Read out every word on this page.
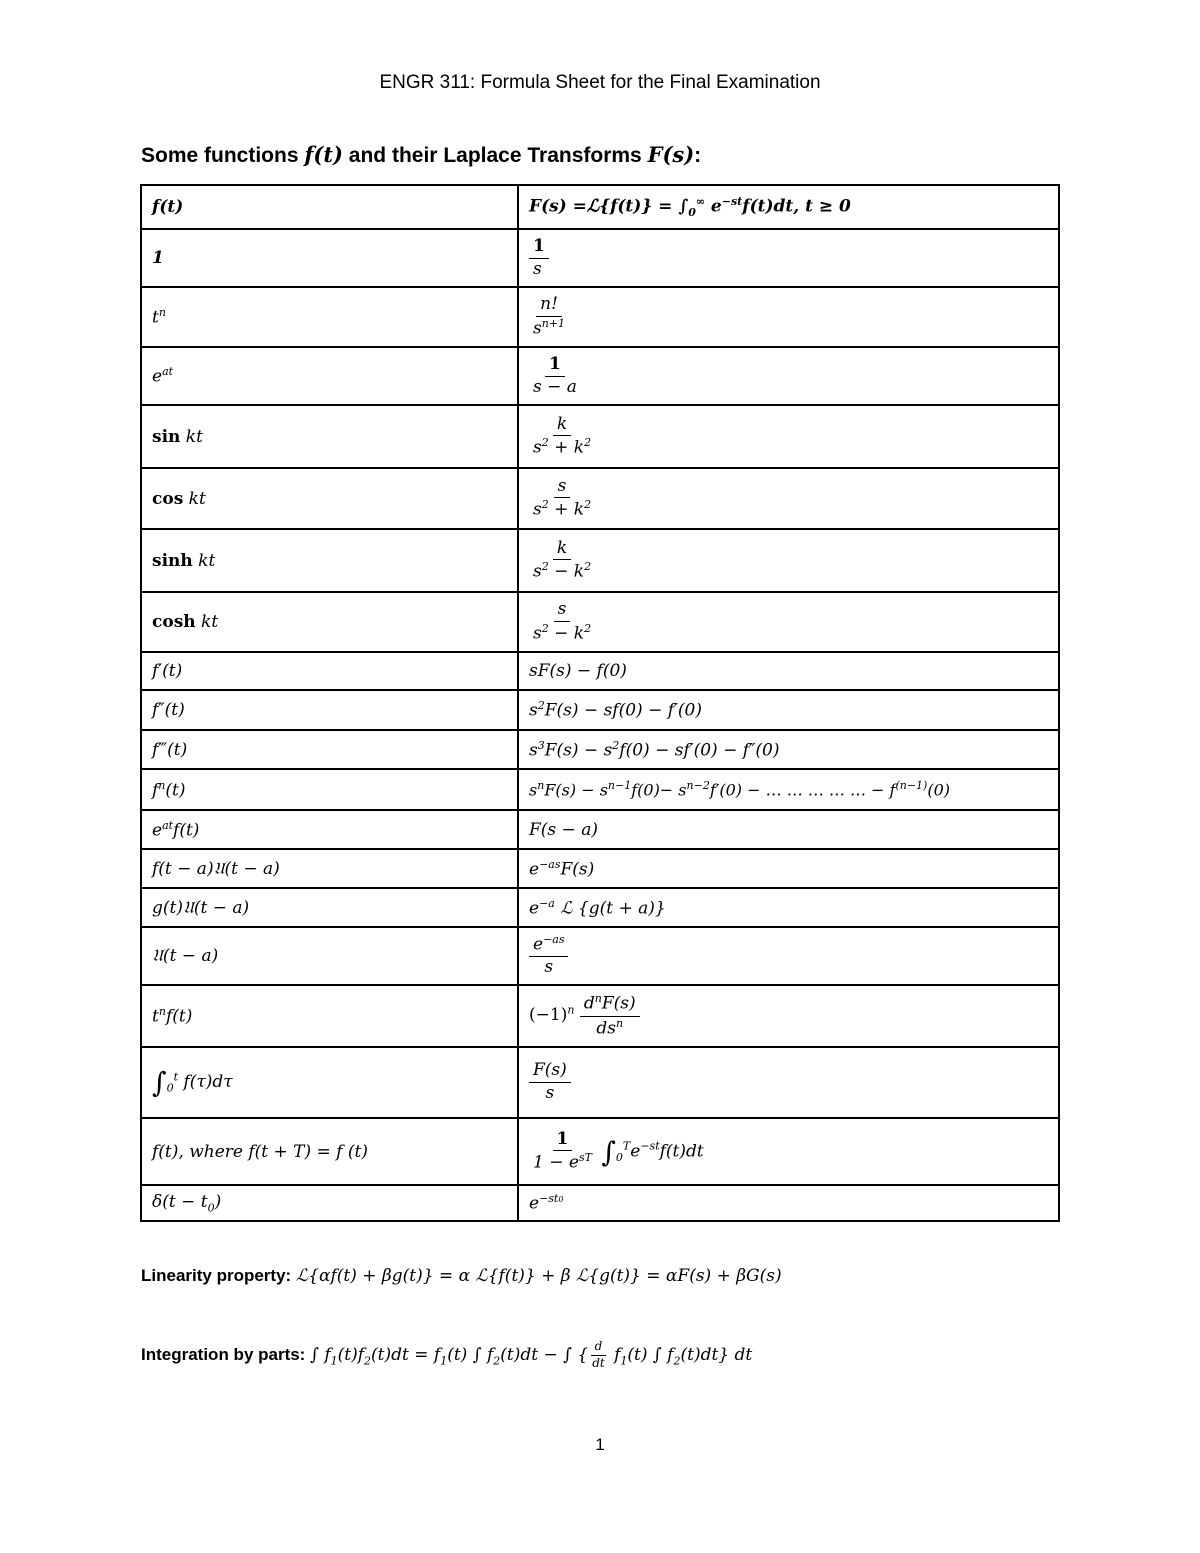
ENGR 311: Formula Sheet for the Final Examination
Some functions f(t) and their Laplace Transforms F(s):
f(t)	F(s) =ℒ{f(t)} = $\int_0^\infty$ $e^{-st}f(t)dt$, t ≥ 0
1	$\frac{1}{s}$

$t^n$	$\frac{n!}{s^{n+1}}$

$e^{at}$	$\frac{1}{s - a}$

sin kt	$\frac{k}{s^2 + k^2}$

cos kt	$\frac{s}{s^2 + k^2}$

sinh kt	$\frac{k}{s^2 - k^2}$

cosh kt	$\frac{s}{s^2 - k^2}$

f′(t)	sF(s) − f(0)
f″(t)	$s^2F(s) - sf(0) - f'(0)$
f‴(t)	$s^3F(s) - s^2f(0) - sf'(0) - f''(0)$
$f^n(t)$	$s^nF(s) - s^{n-1}f(0)- s^{n-2}f'(0)$ − … … … … … − $f^{(n-1)}(0)$
$e^{at}f(t)$	F(s − a)
f(t − a)𝔘(t − a)	$e^{-as}F(s)$
g(t)𝔘(t − a)	$e^{-a}$ ℒ {g(t + a)}
𝔘(t − a)	$\frac{e^{-as}}{s}$

$t^nf(t)$	$(-1)^n \frac{d^nF(s)}{ds^n}$

$\int_0^t$ f(τ)dτ	$\frac{F(s)}{s}$

f(t), where f(t + T) = f (t)	$\frac{1}{1 - e^{sT}} \int_0^Te^{-st}f(t)dt$
$\delta(t - t_0)$	$e^{-st0}$
Linearity property: ℒ{αf(t) + βg(t)} = α ℒ{f(t)} + β ℒ{g(t)} = αF(s) + βG(s)
Integration by parts: ∫ $f_1(t)f_2(t)dt = f_1(t)$ ∫ $f_2(t)dt$ − ∫ { $\frac{d}{dt} f_1(t)$ ∫ $f_2(t)dt$} dt
1
